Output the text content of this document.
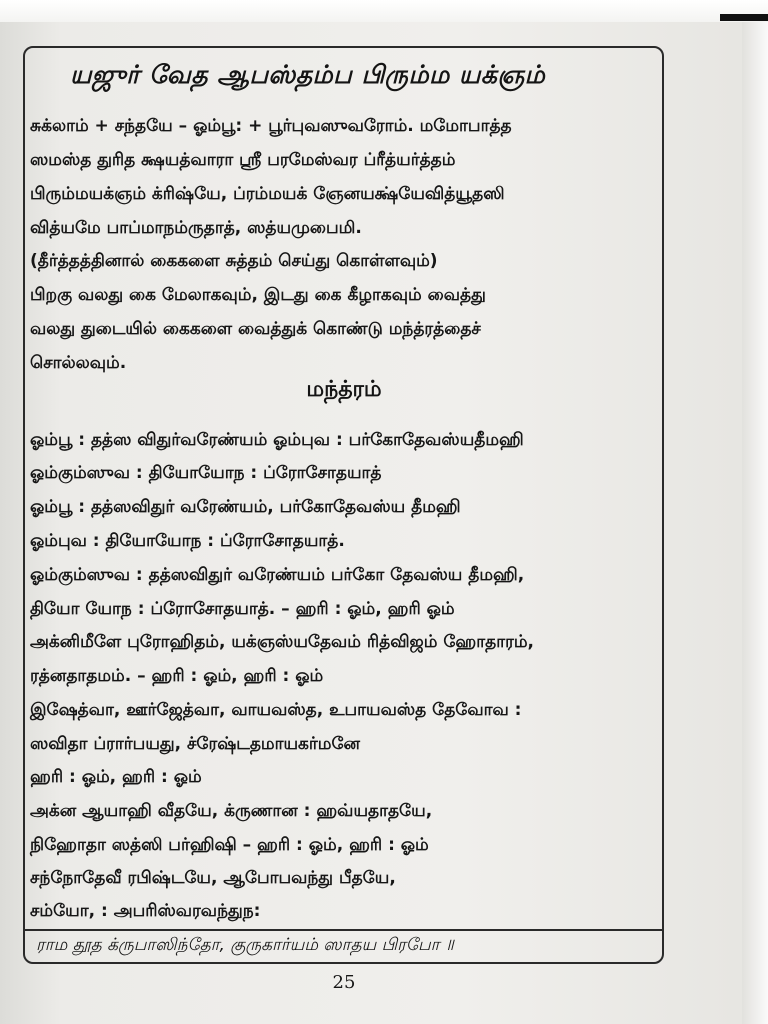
யஜுர் வேத ஆபஸ்தம்ப பிரும்ம யக்ஞம்
சுக்லாம் + சந்தயே – ஓம்பூ: + பூர்புவஸுவரோம். மமோபாத்த
ஸமஸ்த துரித க்ஷயத்வாரா ஸ்ரீ பரமேஸ்வர ப்ரீத்யர்த்தம்
பிரும்மயக்ஞம் க்ரிஷ்யே, ப்ரம்மயக் ஞேனயக்ஷ்யேவித்யூதஸி
வித்யமே பாப்மாநம்ருதாத், ஸத்யமுபைமி.
(தீர்த்தத்தினால் கைகளை சுத்தம் செய்து கொள்ளவும்)
பிறகு வலது கை மேலாகவும், இடது கை கீழாகவும் வைத்து
வலது துடையில் கைகளை வைத்துக் கொண்டு மந்த்ரத்தைச்
சொல்லவும்.
மந்த்ரம்
ஓம்பூ : தத்ஸ விதுர்வரேண்யம் ஓம்புவ : பர்கோதேவஸ்யதீமஹி
ஓம்கும்ஸுவ : தியோயோந : ப்ரோசோதயாத்
ஓம்பூ : தத்ஸவிதுர் வரேண்யம், பர்கோதேவஸ்ய தீமஹி
ஓம்புவ : தியோயோந : ப்ரோசோதயாத்.
ஓம்கும்ஸுவ : தத்ஸவிதுர் வரேண்யம் பர்கோ தேவஸ்ய தீமஹி,
தியோ யோந : ப்ரோசோதயாத். – ஹரி : ஓம், ஹரி ஓம்
அக்னிமீளே புரோஹிதம், யக்ஞஸ்யதேவம் ரித்விஜம் ஹோதாரம்,
ரத்னதாதமம். – ஹரி : ஓம், ஹரி : ஓம்
இஷேத்வா, ஊர்ஜேத்வா, வாயவஸ்த, உபாயவஸ்த தேவோவ :
ஸவிதா ப்ரார்பயது, ச்ரேஷ்டதமாயகர்மனே
ஹரி : ஓம், ஹரி : ஓம்
அக்ன ஆயாஹி வீதயே, க்ருணான : ஹவ்யதாதயே,
நிஹோதா ஸத்ஸி பர்ஹிஷி – ஹரி : ஓம், ஹரி : ஓம்
சந்நோதேவீ ரபிஷ்டயே, ஆபோபவந்து பீதயே,
சம்யோ, : அபரிஸ்வரவந்துந:
ராம தூத க்ருபாஸிந்தோ, குருகார்யம் ஸாதய பிரபோ ॥
25
